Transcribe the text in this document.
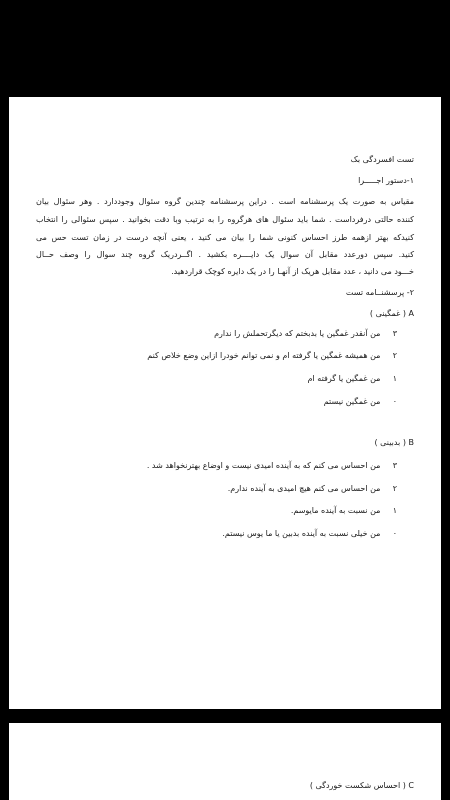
تست افسردگی بک
۱-دستور اجـــــرا
مقیاس به صورت یک پرسشنامه است . دراین پرسشنامه چندین گروه سئوال وجوددارد . وهر سئوال بیان
کننده حالتی درفرداست . شما باید سئوال های هرگروه را به ترتیب وبا دقت بخوانید . سپس سئوالی را انتخاب
کنیدکه بهتر ازهمه طرز احساس کنونی شما را بیان می کنید ، یعنی آنچه درست در زمان تست حس می
کنید. سپس دورعدد مقابل آن سوال یک دایــــره بکشید . اگــردریک گروه چند سوال را وصف حــال
خـــود می دانید ، عدد مقابل هریک از آنهـا را در یک دایره کوچک قراردهید.
۲- پرسشنــامه تست
A ( غمگینی )
۳ من آنقدر غمگین یا بدبختم که دیگرتحملش را ندارم
۲ من همیشه غمگین یا گرفته ام و نمی توانم خودرا ازاین وضع خلاص کنم
۱ من غمگین یا گرفته ام
۰ من غمگین نیستم
B ( بدبینی )
۳ من احساس می کنم که به آینده امیدی نیست و اوضاع بهترنخواهد شد .
۲ من احساس می کنم هیچ امیدی به آینده ندارم.
۱ من نسبت به آینده مایوسم.
۰ من خیلی نسبت به آینده بدبین یا ما یوس نیستم.
C ( احساس شکست خوردگی )
